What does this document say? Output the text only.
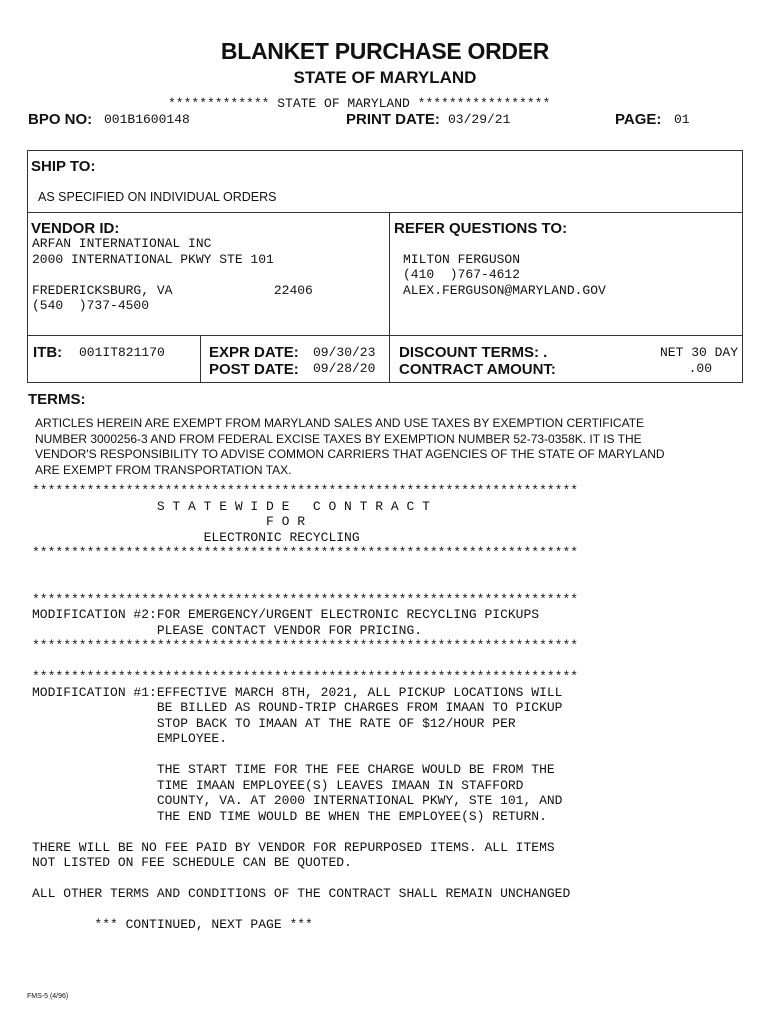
BLANKET PURCHASE ORDER
STATE OF MARYLAND
************* STATE OF MARYLAND *****************
BPO NO: 001B1600148	PRINT DATE: 03/29/21	PAGE: 01
SHIP TO:
AS SPECIFIED ON INDIVIDUAL ORDERS
VENDOR ID:
ARFAN INTERNATIONAL INC
2000 INTERNATIONAL PKWY STE 101
FREDERICKSBURG, VA             22406
(540  )737-4500
REFER QUESTIONS TO:
MILTON FERGUSON
(410  )767-4612
ALEX.FERGUSON@MARYLAND.GOV
ITB: 001IT821170	EXPR DATE: 09/30/23
POST DATE: 09/28/20
DISCOUNT TERMS: .	NET 30 DAY
CONTRACT AMOUNT:	.00
TERMS:
ARTICLES HEREIN ARE EXEMPT FROM MARYLAND SALES AND USE TAXES BY EXEMPTION CERTIFICATE
NUMBER 3000256-3 AND FROM FEDERAL EXCISE TAXES BY EXEMPTION NUMBER 52-73-0358K. IT IS THE
VENDOR'S RESPONSIBILITY TO ADVISE COMMON CARRIERS THAT AGENCIES OF THE STATE OF MARYLAND
ARE EXEMPT FROM TRANSPORTATION TAX.
**********************************************************************
S T A T E W I D E   C O N T R A C T
F O R
ELECTRONIC RECYCLING
**********************************************************************

**********************************************************************
MODIFICATION #2:FOR EMERGENCY/URGENT ELECTRONIC RECYCLING PICKUPS
PLEASE CONTACT VENDOR FOR PRICING.
**********************************************************************

**********************************************************************
MODIFICATION #1:EFFECTIVE MARCH 8TH, 2021, ALL PICKUP LOCATIONS WILL
BE BILLED AS ROUND-TRIP CHARGES FROM IMAAN TO PICKUP
STOP BACK TO IMAAN AT THE RATE OF $12/HOUR PER
EMPLOYEE.

THE START TIME FOR THE FEE CHARGE WOULD BE FROM THE
TIME IMAAN EMPLOYEE(S) LEAVES IMAAN IN STAFFORD
COUNTY, VA. AT 2000 INTERNATIONAL PKWY, STE 101, AND
THE END TIME WOULD BE WHEN THE EMPLOYEE(S) RETURN.

THERE WILL BE NO FEE PAID BY VENDOR FOR REPURPOSED ITEMS. ALL ITEMS
NOT LISTED ON FEE SCHEDULE CAN BE QUOTED.

ALL OTHER TERMS AND CONDITIONS OF THE CONTRACT SHALL REMAIN UNCHANGED

*** CONTINUED, NEXT PAGE ***
FMS-5 (4/96)
